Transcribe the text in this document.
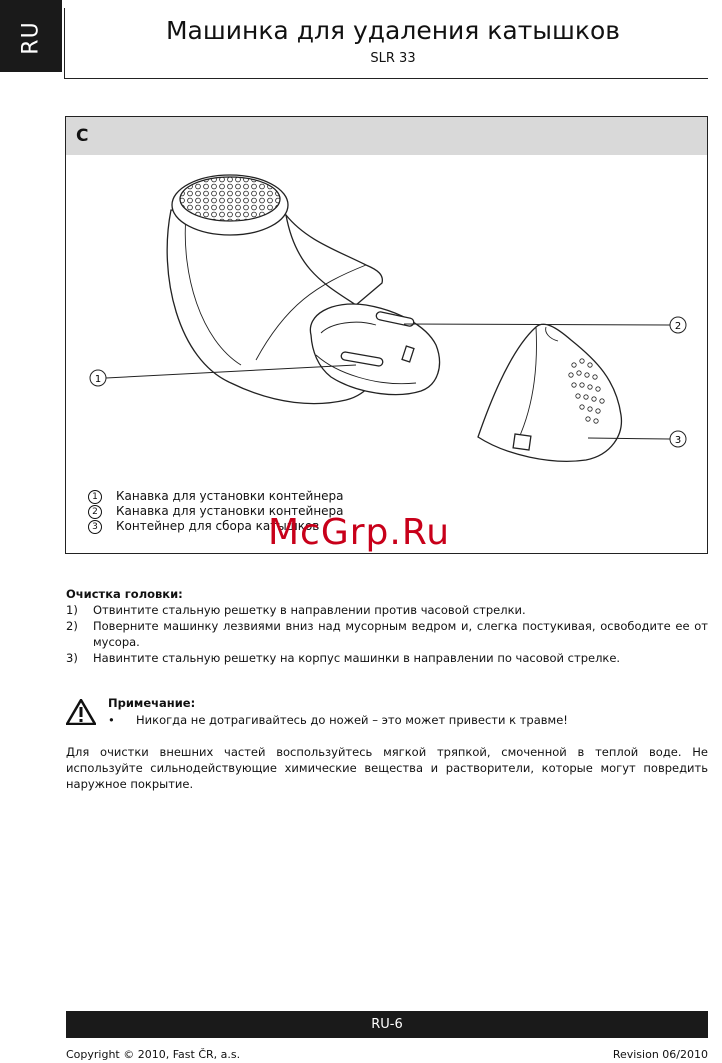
RU	Машинка для удаления катышков
SLR 33
C
1
2
3
1	Канавка для установки контейнера
2	Канавка для установки контейнера
3	Контейнер для сбора катышков
McGrp.Ru
Очистка головки:
1)	Отвинтите стальную решетку в направлении против часовой стрелки.
2)	Поверните машинку лезвиями вниз над мусорным ведром и, слегка постукивая, освободите ее от мусора.
3)	Навинтите стальную решетку на корпус машинки в направлении по часовой стрелке.
Примечание:
• Никогда не дотрагивайтесь до ножей – это может привести к травме!
Для очистки внешних частей воспользуйтесь мягкой тряпкой, смоченной в теплой воде. Не используйте сильнодействующие химические вещества и растворители, которые могут повредить наружное покрытие.
RU-6
Copyright © 2010, Fast ČR, a.s.	Revision 06/2010
